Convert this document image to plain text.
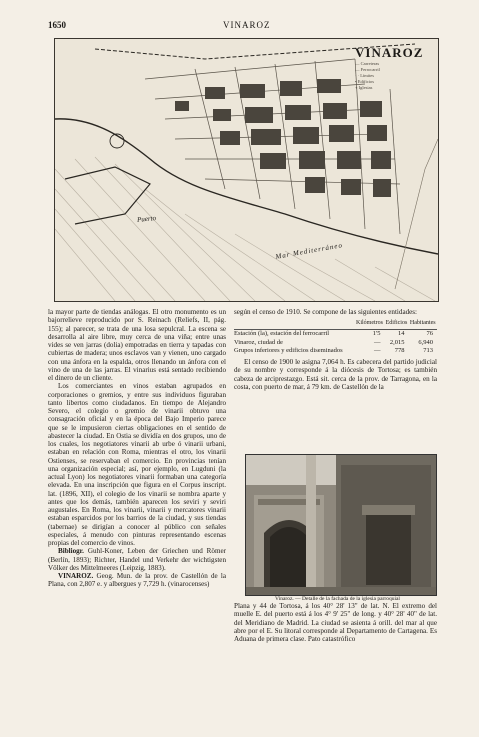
1650	VINAROZ
VINAROZ
— Carreteras
— Ferrocarril
· · Límites
▪ Edificios
+ Iglesias
Puerto
Mar Mediterráneo

la mayor parte de tiendas análogas. El otro monumento es un bajorrelieve reproducido por S. Reinach (Reliefs, II, pág. 155); al parecer, se trata de una losa sepulcral. La escena se desarrolla al aire libre, muy cerca de una viña; entre unas vides se ven jarras (dolia) empotradas en tierra y tapadas con cubiertas de madera; unos esclavos van y vienen, uno cargado con una ánfora en la espalda, otros llenando un ánfora con el vino de una de las jarras. El vinarius está sentado recibiendo el dinero de un cliente.

Los comerciantes en vinos estaban agrupados en corporaciones o gremios, y entre sus individuos figuraban tanto libertos como ciudadanos. En tiempo de Alejandro Severo, el colegio o gremio de vinarii obtuvo una consagración oficial y en la época del Bajo Imperio parece que se le impusieron ciertas obligaciones en el sentido de abastecer la ciudad. En Ostia se dividía en dos grupos, uno de los cuales, los negotiatores vinarii ab urbe ó vinarii urbani, estaban en relación con Roma, mientras el otro, los vinarii Ostienses, se reservaban el comercio. En provincias tenían una organización especial; así, por ejemplo, en Lugduni (la actual Lyon) los negotiatores vinarii formaban una categoría elevada. En una inscripción que figura en el Corpus inscript. lat. (1896, XII), el colegio de los vinarii se nombra aparte y antes que los demás, también aparecen los seviri y seviri augustales. En Roma, los vinarii, vinarii y mercatores vinarii estaban esparcidos por los barrios de la ciudad, y sus tiendas (tabernae) se dirigían a conocer al público con señales especiales, á menudo con pinturas representando escenas propias del comercio de vinos.

Bibliogr. Guhl-Koner, Leben der Griechen und Römer (Berlín, 1893); Richter, Handel und Verkehr der wichtigsten Völker des Mittelmeeres (Leipzig, 1883).

VINAROZ. Geog. Mun. de la prov. de Castellón de la Plana, con 2,807 e. y albergues y 7,729 h. (vinarocenses)

según el censo de 1910. Se compone de las siguientes entidades:

	Kilómetros	Edificios	Habitantes
Estación (la), estación del ferrocarril	1'5	14	76
Vinaroz, ciudad de	—	2,015	6,940
Grupos inferiores y edificios diseminados	—	778	713

El censo de 1900 le asigna 7,064 h. Es cabecera del partido judicial de su nombre y corresponde á la diócesis de Tortosa; es también cabeza de arciprestazgo. Está sit. cerca de la prov. de Tarragona, en la costa, con puerto de mar, á 79 km. de Castellón de la

Vinaroz. — Detalle de la fachada de la iglesia parroquial

Plana y 44 de Tortosa, á los 40° 28' 13" de lat. N. El extremo del muelle E. del puerto está á los 4° 9' 25" de long. y 40° 28' 40" de lat. del Meridiano de Madrid. La ciudad se asienta á orill. del mar al que abre por el E. Su litoral corresponde al Departamento de Cartagena. Es Aduana de primera clase. Pato catastrófico
